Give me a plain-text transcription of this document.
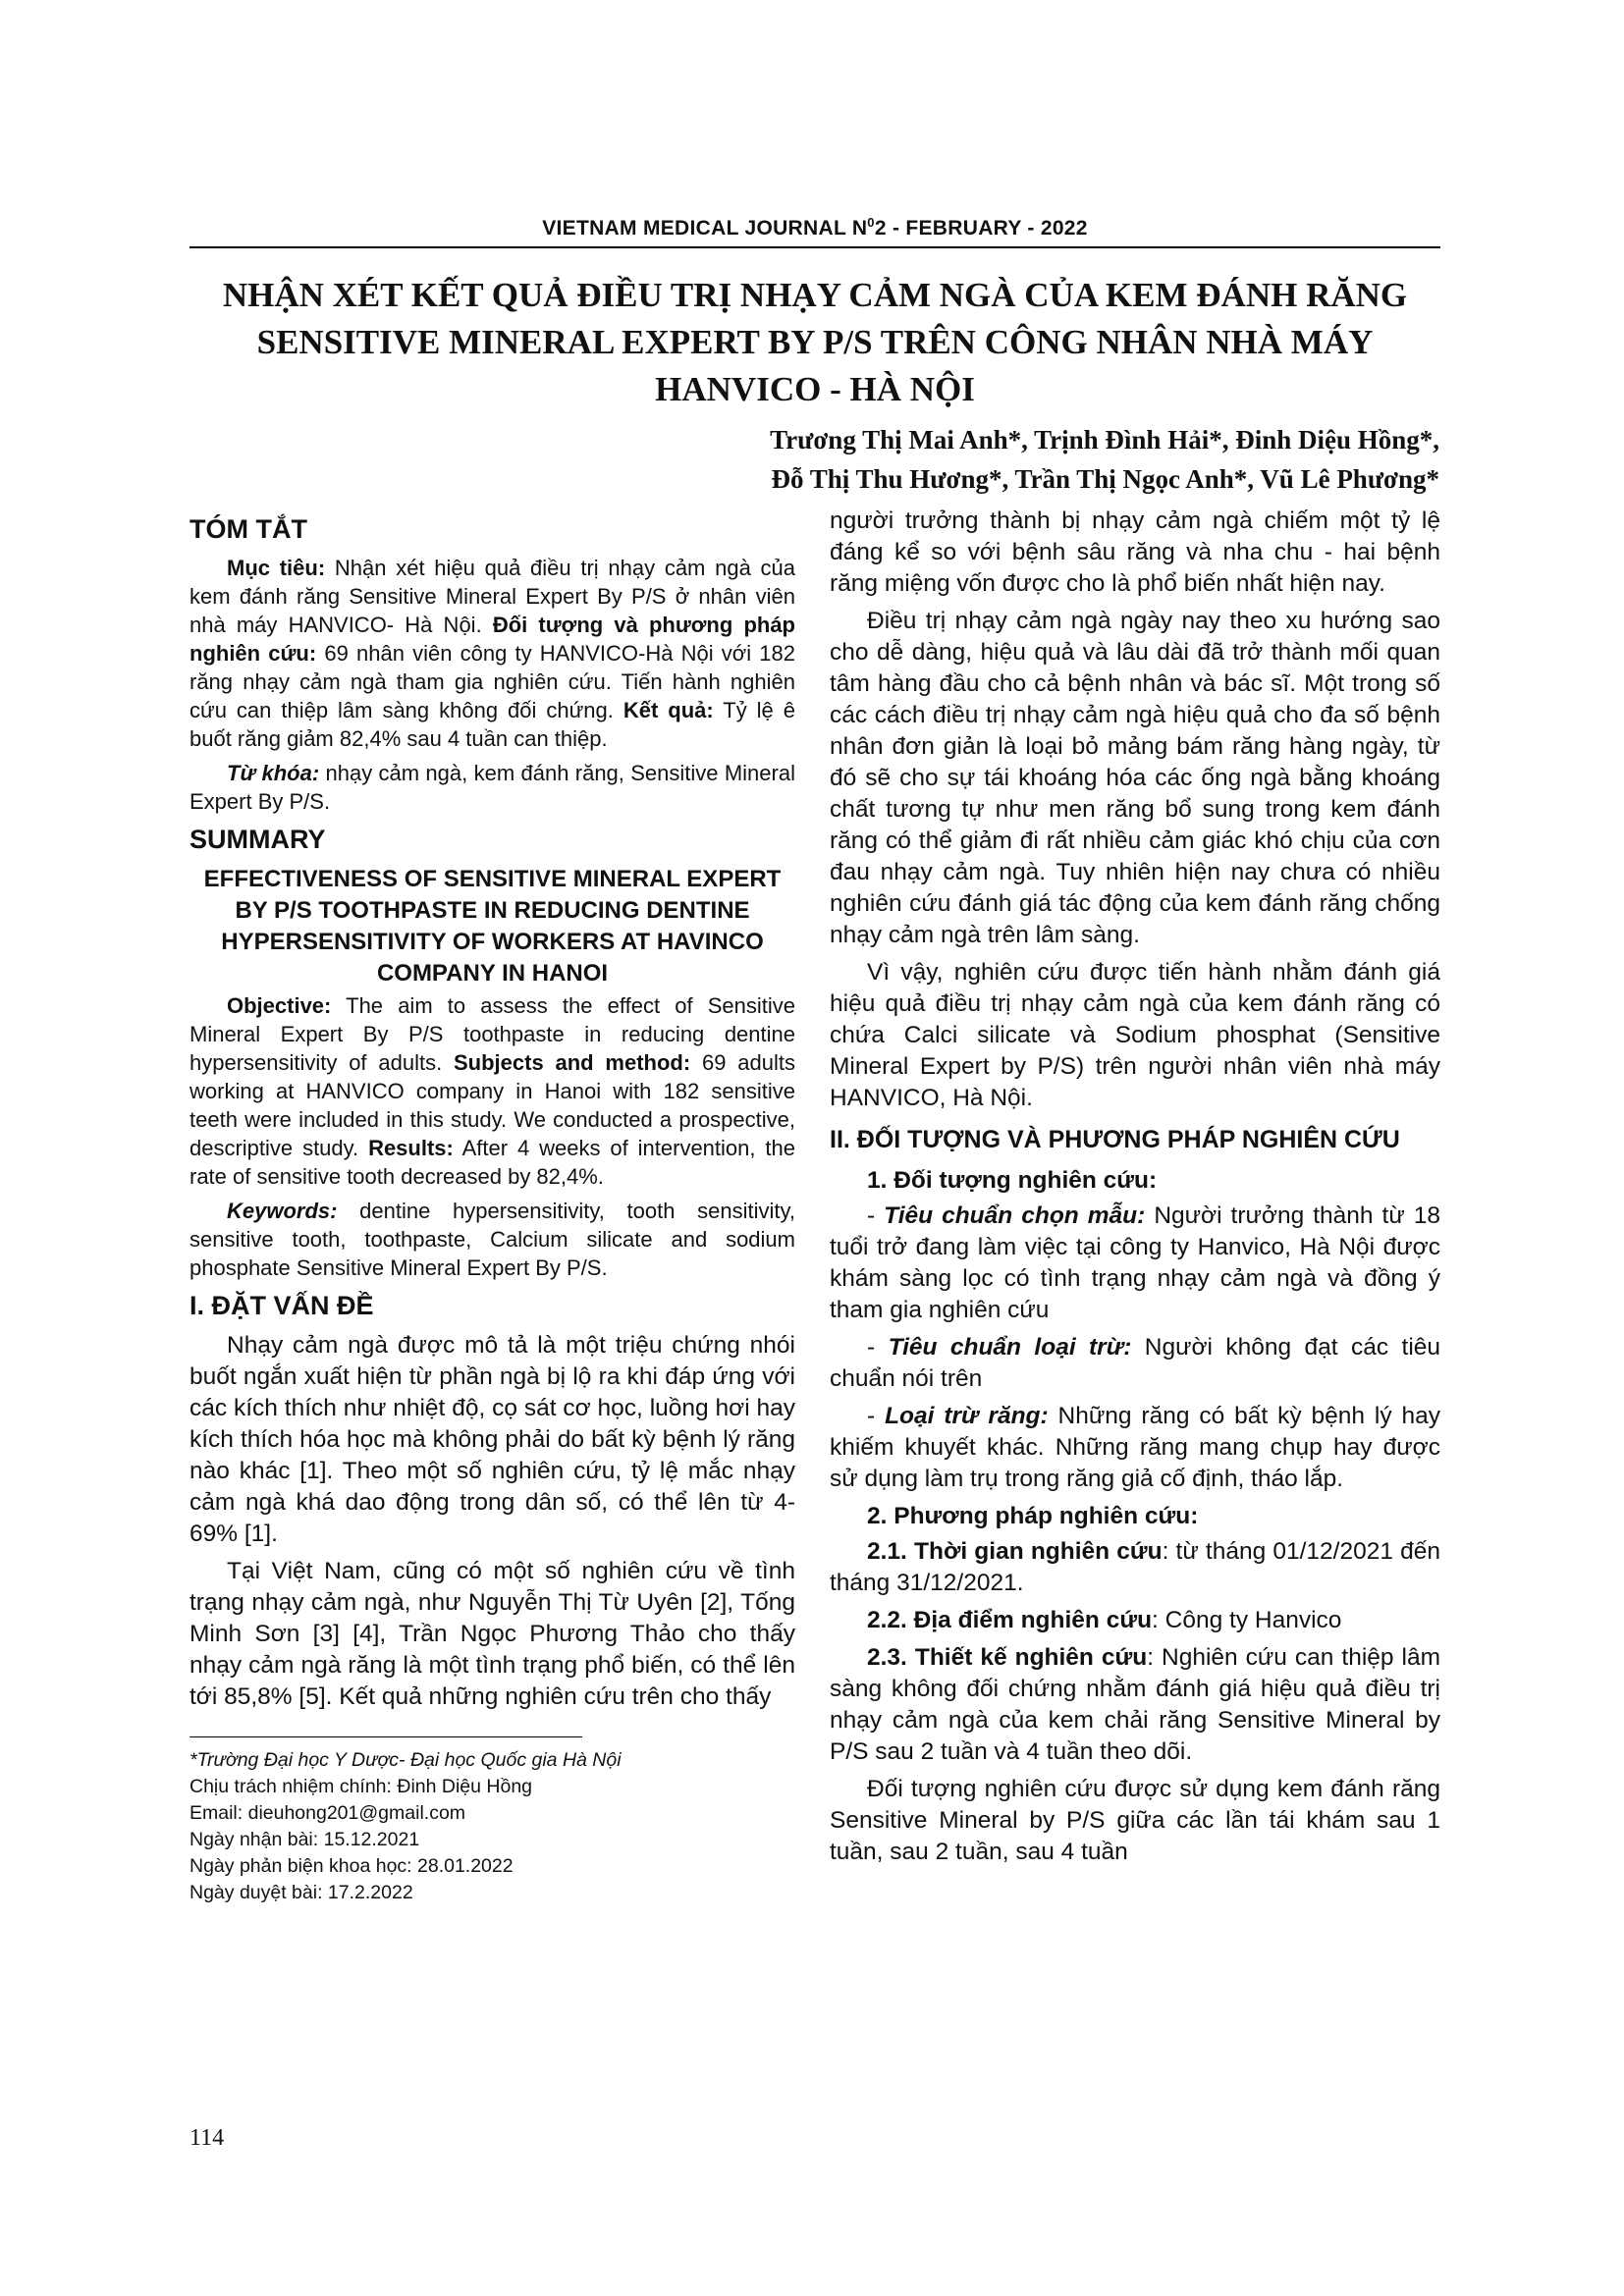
VIETNAM MEDICAL JOURNAL $N^02$ - FEBRUARY - 2022
NHẬN XÉT KẾT QUẢ ĐIỀU TRỊ NHẠY CẢM NGÀ CỦA KEM ĐÁNH RĂNG
SENSITIVE MINERAL EXPERT BY P/S TRÊN CÔNG NHÂN NHÀ MÁY
HANVICO - HÀ NỘI
Trương Thị Mai Anh*, Trịnh Đình Hải*, Đinh Diệu Hồng*,
Đỗ Thị Thu Hương*, Trần Thị Ngọc Anh*, Vũ Lê Phương*
TÓM TẮT

Mục tiêu: Nhận xét hiệu quả điều trị nhạy cảm ngà của kem đánh răng Sensitive Mineral Expert By P/S ở nhân viên nhà máy HANVICO- Hà Nội. Đối tượng và phương pháp nghiên cứu: 69 nhân viên công ty HANVICO-Hà Nội với 182 răng nhạy cảm ngà tham gia nghiên cứu. Tiến hành nghiên cứu can thiệp lâm sàng không đối chứng. Kết quả: Tỷ lệ ê buốt răng giảm 82,4% sau 4 tuần can thiệp.

Từ khóa: nhạy cảm ngà, kem đánh răng, Sensitive Mineral Expert By P/S.

SUMMARY
EFFECTIVENESS OF SENSITIVE MINERAL EXPERT BY P/S TOOTHPASTE IN REDUCING DENTINE HYPERSENSITIVITY OF WORKERS AT HAVINCO COMPANY IN HANOI

Objective: The aim to assess the effect of Sensitive Mineral Expert By P/S toothpaste in reducing dentine hypersensitivity of adults. Subjects and method: 69 adults working at HANVICO company in Hanoi with 182 sensitive teeth were included in this study. We conducted a prospective, descriptive study. Results: After 4 weeks of intervention, the rate of sensitive tooth decreased by 82,4%.

Keywords: dentine hypersensitivity, tooth sensitivity, sensitive tooth, toothpaste, Calcium silicate and sodium phosphate Sensitive Mineral Expert By P/S.

I. ĐẶT VẤN ĐỀ

Nhạy cảm ngà được mô tả là một triệu chứng nhói buốt ngắn xuất hiện từ phần ngà bị lộ ra khi đáp ứng với các kích thích như nhiệt độ, cọ sát cơ học, luồng hơi hay kích thích hóa học mà không phải do bất kỳ bệnh lý răng nào khác [1]. Theo một số nghiên cứu, tỷ lệ mắc nhạy cảm ngà khá dao động trong dân số, có thể lên từ 4-69% [1].

Tại Việt Nam, cũng có một số nghiên cứu về tình trạng nhạy cảm ngà, như Nguyễn Thị Từ Uyên [2], Tống Minh Sơn [3] [4], Trần Ngọc Phương Thảo cho thấy nhạy cảm ngà răng là một tình trạng phổ biến, có thể lên tới 85,8% [5]. Kết quả những nghiên cứu trên cho thấy

*Trường Đại học Y Dược- Đại học Quốc gia Hà Nội

Chịu trách nhiệm chính: Đinh Diệu Hồng

Email: dieuhong201@gmail.com

Ngày nhận bài: 15.12.2021

Ngày phản biện khoa học: 28.01.2022

Ngày duyệt bài: 17.2.2022

người trưởng thành bị nhạy cảm ngà chiếm một tỷ lệ đáng kể so với bệnh sâu răng và nha chu - hai bệnh răng miệng vốn được cho là phổ biến nhất hiện nay.

Điều trị nhạy cảm ngà ngày nay theo xu hướng sao cho dễ dàng, hiệu quả và lâu dài đã trở thành mối quan tâm hàng đầu cho cả bệnh nhân và bác sĩ. Một trong số các cách điều trị nhạy cảm ngà hiệu quả cho đa số bệnh nhân đơn giản là loại bỏ mảng bám răng hàng ngày, từ đó sẽ cho sự tái khoáng hóa các ống ngà bằng khoáng chất tương tự như men răng bổ sung trong kem đánh răng có thể giảm đi rất nhiều cảm giác khó chịu của cơn đau nhạy cảm ngà. Tuy nhiên hiện nay chưa có nhiều nghiên cứu đánh giá tác động của kem đánh răng chống nhạy cảm ngà trên lâm sàng.

Vì vậy, nghiên cứu được tiến hành nhằm đánh giá hiệu quả điều trị nhạy cảm ngà của kem đánh răng có chứa Calci silicate và Sodium phosphat (Sensitive Mineral Expert by P/S) trên người nhân viên nhà máy HANVICO, Hà Nội.

II. ĐỐI TƯỢNG VÀ PHƯƠNG PHÁP NGHIÊN CỨU

1. Đối tượng nghiên cứu:

- Tiêu chuẩn chọn mẫu: Người trưởng thành từ 18 tuổi trở đang làm việc tại công ty Hanvico, Hà Nội được khám sàng lọc có tình trạng nhạy cảm ngà và đồng ý tham gia nghiên cứu

- Tiêu chuẩn loại trừ: Người không đạt các tiêu chuẩn nói trên

- Loại trừ răng: Những răng có bất kỳ bệnh lý hay khiếm khuyết khác. Những răng mang chụp hay được sử dụng làm trụ trong răng giả cố định, tháo lắp.

2. Phương pháp nghiên cứu:

2.1. Thời gian nghiên cứu: từ tháng 01/12/2021 đến tháng 31/12/2021.

2.2. Địa điểm nghiên cứu: Công ty Hanvico

2.3. Thiết kế nghiên cứu: Nghiên cứu can thiệp lâm sàng không đối chứng nhằm đánh giá hiệu quả điều trị nhạy cảm ngà của kem chải răng Sensitive Mineral by P/S sau 2 tuần và 4 tuần theo dõi.

Đối tượng nghiên cứu được sử dụng kem đánh răng Sensitive Mineral by P/S giữa các lần tái khám sau 1 tuần, sau 2 tuần, sau 4 tuần

114
